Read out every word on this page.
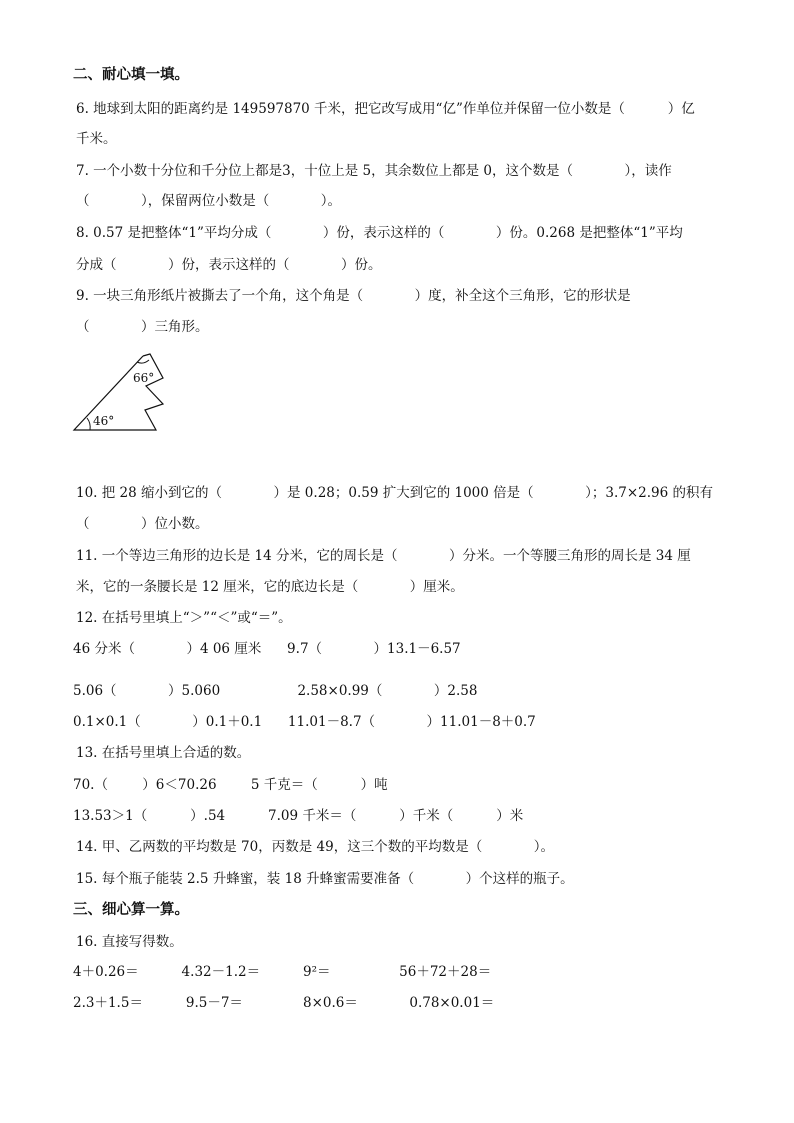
二、耐心填一填。
6. 地球到太阳的距离约是 149597870 千米，把它改写成用“亿”作单位并保留一位小数是（          ）亿
千米。
7. 一个小数十分位和千分位上都是3，十位上是 5，其余数位上都是 0，这个数是（            ），读作
（            ），保留两位小数是（            ）。
8. 0.57 是把整体“1”平均分成（            ）份，表示这样的（            ）份。0.268 是把整体“1”平均
分成（            ）份，表示这样的（            ）份。
9. 一块三角形纸片被撕去了一个角，这个角是（            ）度，补全这个三角形，它的形状是
（            ）三角形。
66°
46°
10. 把 28 缩小到它的（            ）是 0.28；0.59 扩大到它的 1000 倍是（            ）；3.7×2.96 的积有
（            ）位小数。
11. 一个等边三角形的边长是 14 分米，它的周长是（            ）分米。一个等腰三角形的周长是 34 厘
米，它的一条腰长是 12 厘米，它的底边长是（            ）厘米。
12. 在括号里填上“＞”“＜”或“＝”。
46 分米（            ）4 06 厘米      9.7（            ）13.1－6.57
5.06（            ）5.060                  2.58×0.99（            ）2.58
0.1×0.1（            ）0.1＋0.1      11.01－8.7（            ）11.01－8＋0.7
13. 在括号里填上合适的数。
70.（        ）6＜70.26        5 千克＝（          ）吨
13.53＞1（          ）.54          7.09 千米＝（          ）千米（          ）米
14. 甲、乙两数的平均数是 70，丙数是 49，这三个数的平均数是（            ）。
15. 每个瓶子能装 2.5 升蜂蜜，装 18 升蜂蜜需要准备（            ）个这样的瓶子。
三、细心算一算。
16. 直接写得数。
4＋0.26＝          4.32－1.2＝          9²＝                56＋72＋28＝
2.3＋1.5＝          9.5－7＝              8×0.6＝            0.78×0.01＝
